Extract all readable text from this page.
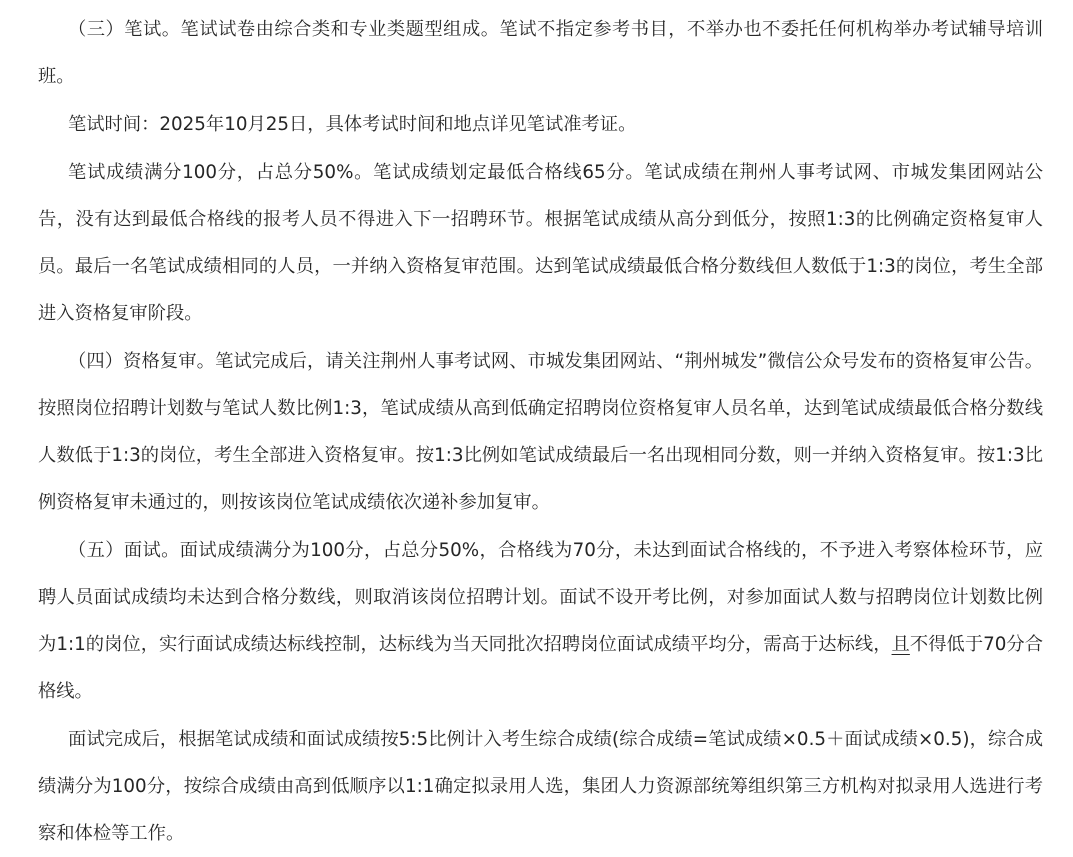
（三）笔试。笔试试卷由综合类和专业类题型组成。笔试不指定参考书目，不举办也不委托任何机构举办考试辅导培训班。

笔试时间：2025年10月25日，具体考试时间和地点详见笔试准考证。

笔试成绩满分100分，占总分50%。笔试成绩划定最低合格线65分。笔试成绩在荆州人事考试网、市城发集团网站公告，没有达到最低合格线的报考人员不得进入下一招聘环节。根据笔试成绩从高分到低分，按照1:3的比例确定资格复审人员。最后一名笔试成绩相同的人员，一并纳入资格复审范围。达到笔试成绩最低合格分数线但人数低于1:3的岗位，考生全部进入资格复审阶段。

（四）资格复审。笔试完成后，请关注荆州人事考试网、市城发集团网站、“荆州城发”微信公众号发布的资格复审公告。按照岗位招聘计划数与笔试人数比例1:3，笔试成绩从高到低确定招聘岗位资格复审人员名单，达到笔试成绩最低合格分数线人数低于1:3的岗位，考生全部进入资格复审。按1:3比例如笔试成绩最后一名出现相同分数，则一并纳入资格复审。按1:3比例资格复审未通过的，则按该岗位笔试成绩依次递补参加复审。

（五）面试。面试成绩满分为100分，占总分50%，合格线为70分，未达到面试合格线的，不予进入考察体检环节，应聘人员面试成绩均未达到合格分数线，则取消该岗位招聘计划。面试不设开考比例，对参加面试人数与招聘岗位计划数比例为1:1的岗位，实行面试成绩达标线控制，达标线为当天同批次招聘岗位面试成绩平均分，需高于达标线，且不得低于70分合格线。

面试完成后，根据笔试成绩和面试成绩按5:5比例计入考生综合成绩(综合成绩=笔试成绩×0.5＋面试成绩×0.5)，综合成绩满分为100分，按综合成绩由高到低顺序以1:1确定拟录用人选，集团人力资源部统筹组织第三方机构对拟录用人选进行考察和体检等工作。
